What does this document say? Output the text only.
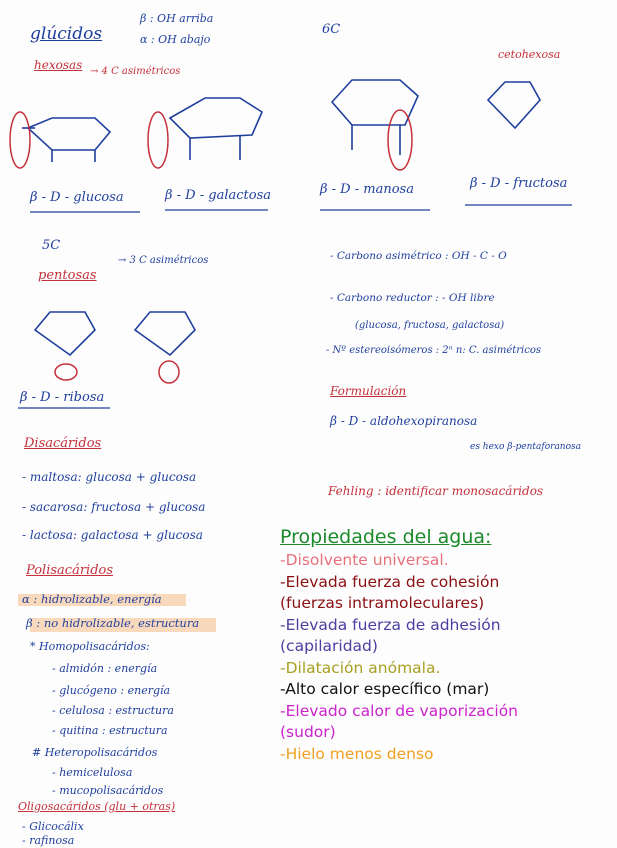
glúcidos
β : OH arriba
α : OH abajo
hexosas → 4 C asimétricos
6C
cetohexosa
β - D - glucosa	β - D - galactosa	β - D - manosa	β - D - fructosa
5C
pentosas
→ 3 C asimétricos
β - D - ribosa
- Carbono asimétrico : OH - C - O
- Carbono reductor : - OH libre
(glucosa, fructosa, galactosa)
- Nº estereoisómeros : 2ⁿ n: C. asimétricos
Formulación
β - D - aldohexopiranosa
es hexo β-pentaforanosa
Fehling : identificar monosacáridos
Disacáridos
- maltosa: glucosa + glucosa
- sacarosa: fructosa + glucosa
- lactosa: galactosa + glucosa
Polisacáridos
α : hidrolizable, energía
β : no hidrolizable, estructura
* Homopolisacáridos:
- almidón : energía
- glucógeno : energía
- celulosa : estructura
- quitina : estructura
# Heteropolisacáridos
- hemicelulosa
- mucopolisacáridos
Oligosacáridos (glu + otras)
- Glicocálix
- rafinosa
Propiedades del agua:
-Disolvente universal.
-Elevada fuerza de cohesión
(fuerzas intramoleculares)
-Elevada fuerza de adhesión
(capilaridad)
-Dilatación anómala.
-Alto calor específico (mar)
-Elevado calor de vaporización
(sudor)
-Hielo menos denso
